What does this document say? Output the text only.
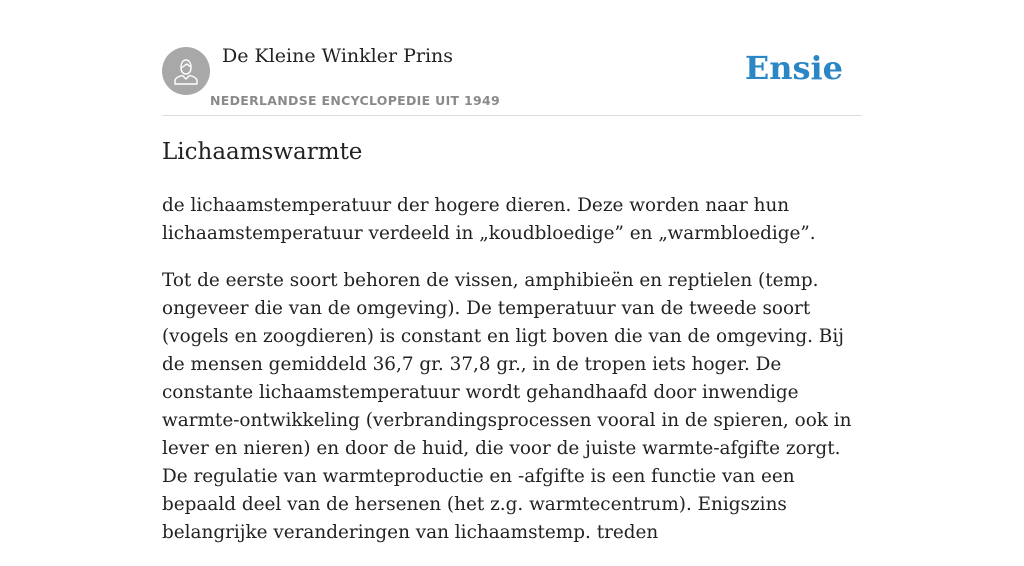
De Kleine Winkler Prins
NEDERLANDSE ENCYCLOPEDIE UIT 1949
Ensie
Lichaamswarmte

de lichaamstemperatuur der hogere dieren. Deze worden naar hun lichaamstemperatuur verdeeld in „koudbloedige” en „warmbloedige”.

Tot de eerste soort behoren de vissen, amphibieën en reptielen (temp. ongeveer die van de omgeving). De temperatuur van de tweede soort (vogels en zoogdieren) is constant en ligt boven die van de omgeving. Bij de mensen gemiddeld 36,7 gr. 37,8 gr., in de tropen iets hoger. De constante lichaamstemperatuur wordt gehandhaafd door inwendige warmte-ontwikkeling (verbrandingsprocessen vooral in de spieren, ook in lever en nieren) en door de huid, die voor de juiste warmte-afgifte zorgt. De regulatie van warmteproductie en -afgifte is een functie van een bepaald deel van de hersenen (het z.g. warmtecentrum). Enigszins belangrijke veranderingen van lichaamstemp. treden
